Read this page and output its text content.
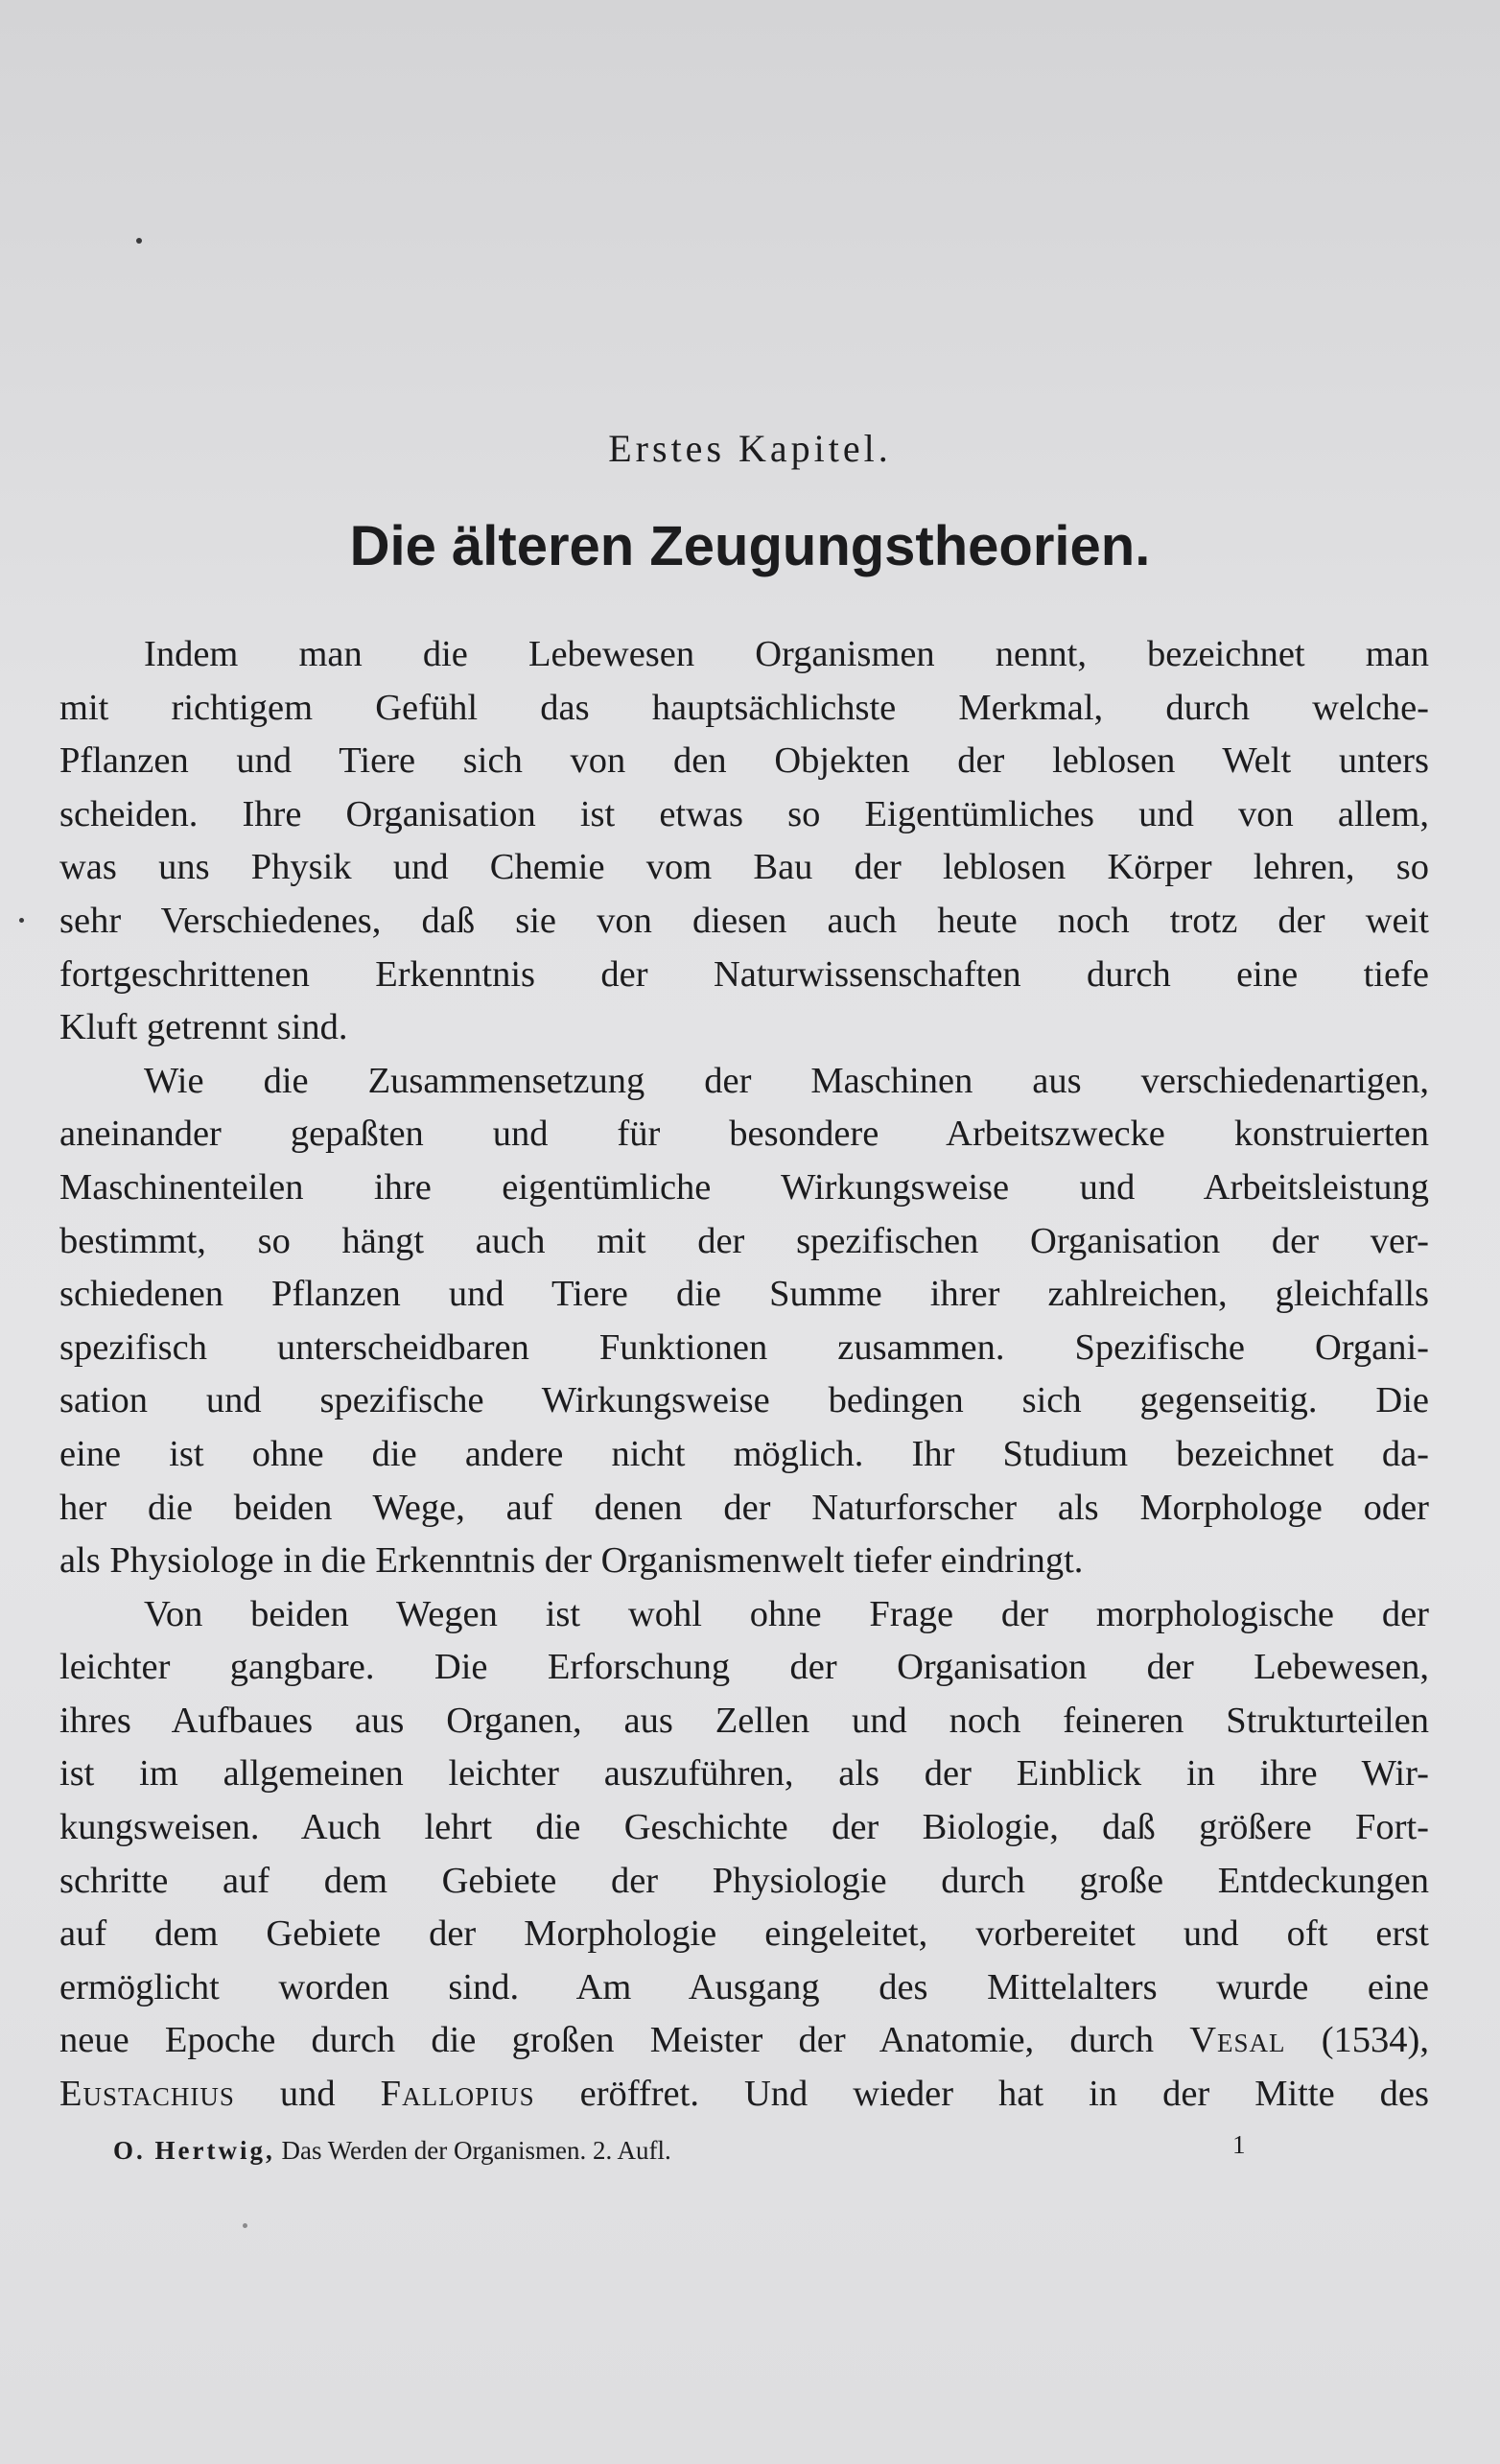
Erstes Kapitel.
Die älteren Zeugungstheorien.
Indem man die Lebewesen Organismen nennt, bezeichnet man
mit richtigem Gefühl das hauptsächlichste Merkmal, durch welche-
Pflanzen und Tiere sich von den Objekten der leblosen Welt unters
scheiden. Ihre Organisation ist etwas so Eigentümliches und von allem,
was uns Physik und Chemie vom Bau der leblosen Körper lehren, so
sehr Verschiedenes, daß sie von diesen auch heute noch trotz der weit
fortgeschrittenen Erkenntnis der Naturwissenschaften durch eine tiefe
Kluft getrennt sind.
Wie die Zusammensetzung der Maschinen aus verschiedenartigen,
aneinander gepaßten und für besondere Arbeitszwecke konstruierten
Maschinenteilen ihre eigentümliche Wirkungsweise und Arbeitsleistung
bestimmt, so hängt auch mit der spezifischen Organisation der ver-
schiedenen Pflanzen und Tiere die Summe ihrer zahlreichen, gleichfalls
spezifisch unterscheidbaren Funktionen zusammen. Spezifische Organi-
sation und spezifische Wirkungsweise bedingen sich gegenseitig. Die
eine ist ohne die andere nicht möglich. Ihr Studium bezeichnet da-
her die beiden Wege, auf denen der Naturforscher als Morphologe oder
als Physiologe in die Erkenntnis der Organismenwelt tiefer eindringt.
Von beiden Wegen ist wohl ohne Frage der morphologische der
leichter gangbare. Die Erforschung der Organisation der Lebewesen,
ihres Aufbaues aus Organen, aus Zellen und noch feineren Strukturteilen
ist im allgemeinen leichter auszuführen, als der Einblick in ihre Wir-
kungsweisen. Auch lehrt die Geschichte der Biologie, daß größere Fort-
schritte auf dem Gebiete der Physiologie durch große Entdeckungen
auf dem Gebiete der Morphologie eingeleitet, vorbereitet und oft erst
ermöglicht worden sind. Am Ausgang des Mittelalters wurde eine
neue Epoche durch die großen Meister der Anatomie, durch Vesal (1534),
Eustachius und Fallopius eröffret. Und wieder hat in der Mitte des
O. Hertwig, Das Werden der Organismen. 2. Aufl.	1
